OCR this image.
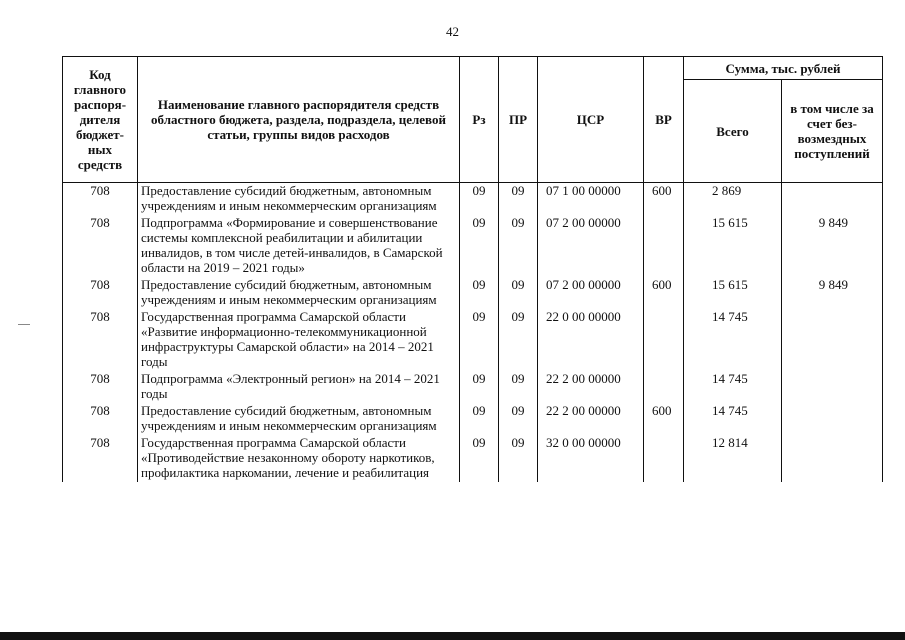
42
Код главного распоря-дителя бюджет-ных средств	Наименование главного распорядителя средств областного бюджета, раздела, подраздела, целевой статьи, группы видов расходов	Рз	ПР	ЦСР	ВР	Сумма, тыс. рублей	
						Всего	в том числе за счет без-возмездных поступлений
708	Предоставление субсидий бюджетным, автономным учреждениям и иным некоммерческим организациям	09	09	07 1 00 00000	600	2 869	
708	Подпрограмма «Формирование и совершенствование системы комплексной реабилитации и абилитации инвалидов, в том числе детей-инвалидов, в Самарской области на 2019 – 2021 годы»	09	09	07 2 00 00000		15 615	9 849
708	Предоставление субсидий бюджетным, автономным учреждениям и иным некоммерческим организациям	09	09	07 2 00 00000	600	15 615	9 849
708	Государственная программа Самарской области «Развитие информационно-телекоммуникационной инфраструктуры Самарской области» на 2014 – 2021 годы	09	09	22 0 00 00000		14 745	
708	Подпрограмма «Электронный регион» на 2014 – 2021 годы	09	09	22 2 00 00000		14 745	
708	Предоставление субсидий бюджетным, автономным учреждениям и иным некоммерческим организациям	09	09	22 2 00 00000	600	14 745	
708	Государственная программа Самарской области «Противодействие незаконному обороту наркотиков, профилактика наркомании, лечение и реабилитация	09	09	32 0 00 00000		12 814	
